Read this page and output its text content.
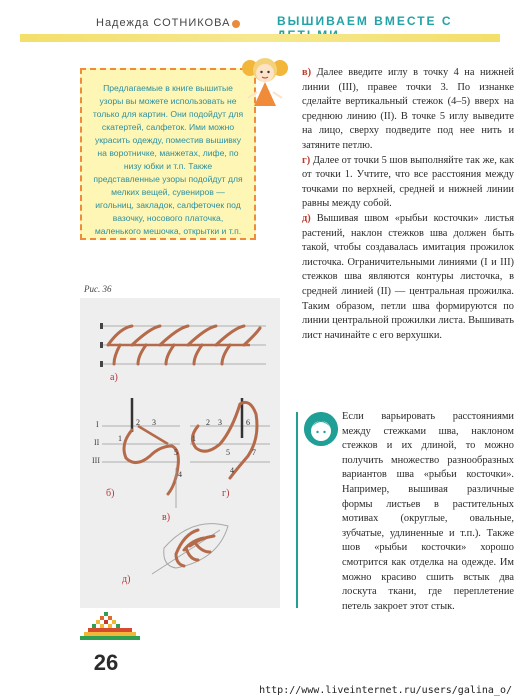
Надежда СОТНИКОВА	ВЫШИВАЕМ ВМЕСТЕ С
Предлагаемые в книге вышитые узоры вы можете использовать не только для картин. Они подойдут для скатертей, салфеток. Ими можно украсить одежду, поместив вышивку на воротничке, манжетах, лифе, по низу юбки и т.п. Также представленные узоры подойдут для мелких вещей, сувениров — игольниц, закладок, салфеточек под вазочку, носового платочка, маленького мешочка, открытки и т.п.
Рис. 36
а)
б)
в)
г)
д)
I
II
III
1
2 3
4
5
1
2 3
4
5
6
7

в) Далее введите иглу в точку 4 на нижней линии (III), правее точки 3. По изнанке сделайте вертикальный стежок (4–5) вверх на среднюю линию (II). В точке 5 иглу выведите на лицо, сверху подведите под нее нить и затяните петлю.

г) Далее от точки 5 шов выполняйте так же, как от точки 1. Учтите, что все расстояния между точками по верхней, средней и нижней линии равны между собой.

д) Вышивая швом «рыбьи косточки» листья растений, наклон стежков шва должен быть такой, чтобы создавалась имитация прожилок листочка. Ограничительными линиями (I и III) стежков шва являются контуры листочка, в средней линией (II) — центральная прожилка. Таким образом, петли шва формируются по линии центральной прожилки листа. Вышивать лист начинайте с его верхушки.

Если варьировать расстояниями между стежками шва, наклоном стежков и их длиной, то можно получить множество разнообразных вариантов шва «рыбьи косточки». Например, вышивая различные формы листьев в растительных мотивах (округлые, овальные, зубчатые, удлиненные и т.п.). Также шов «рыбьи косточки» хорошо смотрится как отделка на одежде. Им можно красиво сшить встык два лоскута ткани, где переплетение петель закроет этот стык.
26
http://www.liveinternet.ru/users/galina_o/
